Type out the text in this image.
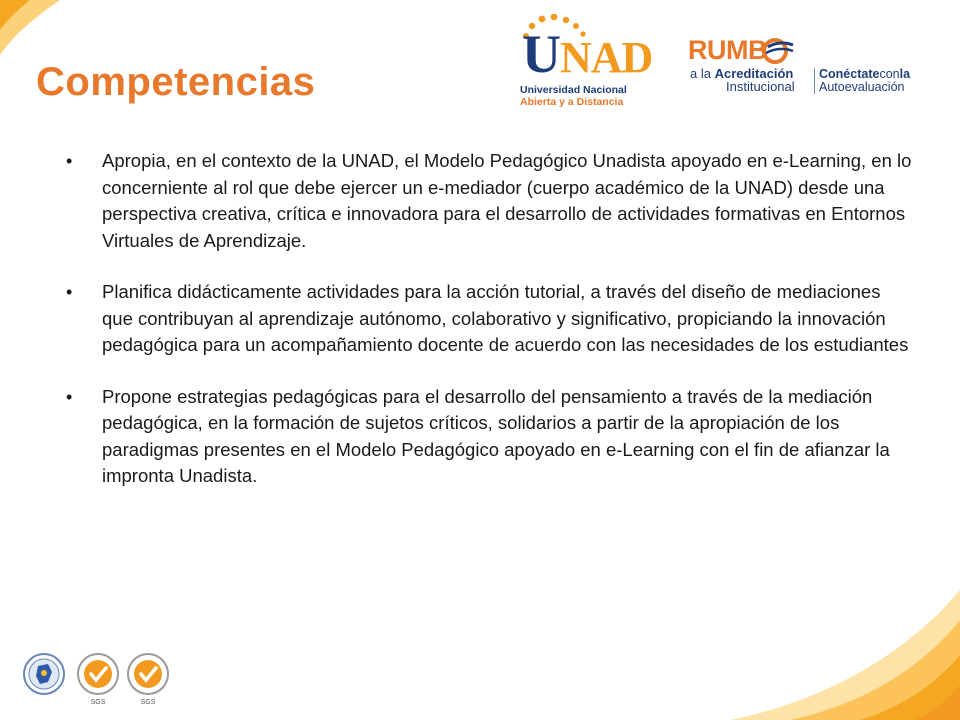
Competencias	UNAD
Universidad Nacional
Abierta y a Distancia
RUMB
a la Acreditación
Institucional
Conéctateconla
Autoevaluación
• Apropia, en el contexto de la UNAD, el Modelo Pedagógico Unadista apoyado en e-Learning, en lo concerniente al rol que debe ejercer un e-mediador (cuerpo académico de la UNAD) desde una perspectiva creativa, crítica e innovadora para el desarrollo de actividades formativas en Entornos Virtuales de Aprendizaje.
• Planifica didácticamente actividades para la acción tutorial, a través del diseño de mediaciones que contribuyan al aprendizaje autónomo, colaborativo y significativo, propiciando la innovación pedagógica para un acompañamiento docente de acuerdo con las necesidades de los estudiantes
• Propone estrategias pedagógicas para el desarrollo del pensamiento a través de la mediación pedagógica, en la formación de sujetos críticos, solidarios a partir de la apropiación de los paradigmas presentes en el Modelo Pedagógico apoyado en e-Learning con el fin de afianzar la impronta Unadista.
SGS	SGS
